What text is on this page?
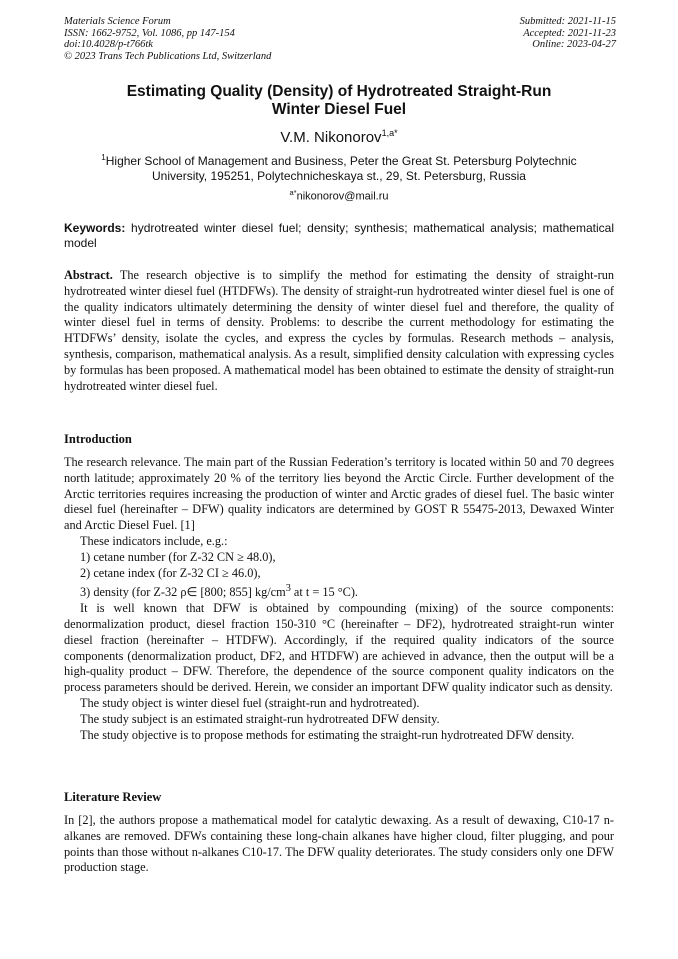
Materials Science Forum
ISSN: 1662-9752, Vol. 1086, pp 147-154
doi:10.4028/p-t766tk
© 2023 Trans Tech Publications Ltd, Switzerland
Submitted: 2021-11-15
Accepted: 2021-11-23
Online: 2023-04-27
Estimating Quality (Density) of Hydrotreated Straight-Run
Winter Diesel Fuel
V.M. Nikonorov$^{1,a*}$
$^1$Higher School of Management and Business, Peter the Great St. Petersburg Polytechnic
University, 195251, Polytechnicheskaya st., 29, St. Petersburg, Russia
$^{a*}$nikonorov@mail.ru
Keywords: hydrotreated winter diesel fuel; density; synthesis; mathematical analysis; mathematical model

Abstract. The research objective is to simplify the method for estimating the density of straight-run hydrotreated winter diesel fuel (HTDFWs). The density of straight-run hydrotreated winter diesel fuel is one of the quality indicators ultimately determining the density of winter diesel fuel and therefore, the quality of winter diesel fuel in terms of density. Problems: to describe the current methodology for estimating the HTDFWs’ density, isolate the cycles, and express the cycles by formulas. Research methods – analysis, synthesis, comparison, mathematical analysis. As a result, simplified density calculation with expressing cycles by formulas has been proposed. A mathematical model has been obtained to estimate the density of straight-run hydrotreated winter diesel fuel.

Introduction

The research relevance. The main part of the Russian Federation’s territory is located within 50 and 70 degrees north latitude; approximately 20 % of the territory lies beyond the Arctic Circle. Further development of the Arctic territories requires increasing the production of winter and Arctic grades of diesel fuel. The basic winter diesel fuel (hereinafter – DFW) quality indicators are determined by GOST R 55475-2013, Dewaxed Winter and Arctic Diesel Fuel. [1]

These indicators include, e.g.:

1) cetane number (for Z-32 CN ≥ 48.0),

2) cetane index (for Z-32 CI ≥ 46.0),

3) density (for Z-32 ρ∈ [800; 855] $kg/cm^3$ at t = 15 °C).

It is well known that DFW is obtained by compounding (mixing) of the source components: denormalization product, diesel fraction 150-310 °C (hereinafter – DF2), hydrotreated straight-run winter diesel fraction (hereinafter – HTDFW). Accordingly, if the required quality indicators of the source components (denormalization product, DF2, and HTDFW) are achieved in advance, then the output will be a high-quality product – DFW. Therefore, the dependence of the source component quality indicators on the process parameters should be derived. Herein, we consider an important DFW quality indicator such as density.

The study object is winter diesel fuel (straight-run and hydrotreated).

The study subject is an estimated straight-run hydrotreated DFW density.

The study objective is to propose methods for estimating the straight-run hydrotreated DFW density.

Literature Review

In [2], the authors propose a mathematical model for catalytic dewaxing. As a result of dewaxing, C10-17 n-alkanes are removed. DFWs containing these long-chain alkanes have higher cloud, filter plugging, and pour points than those without n-alkanes C10-17. The DFW quality deteriorates. The study considers only one DFW production stage.
